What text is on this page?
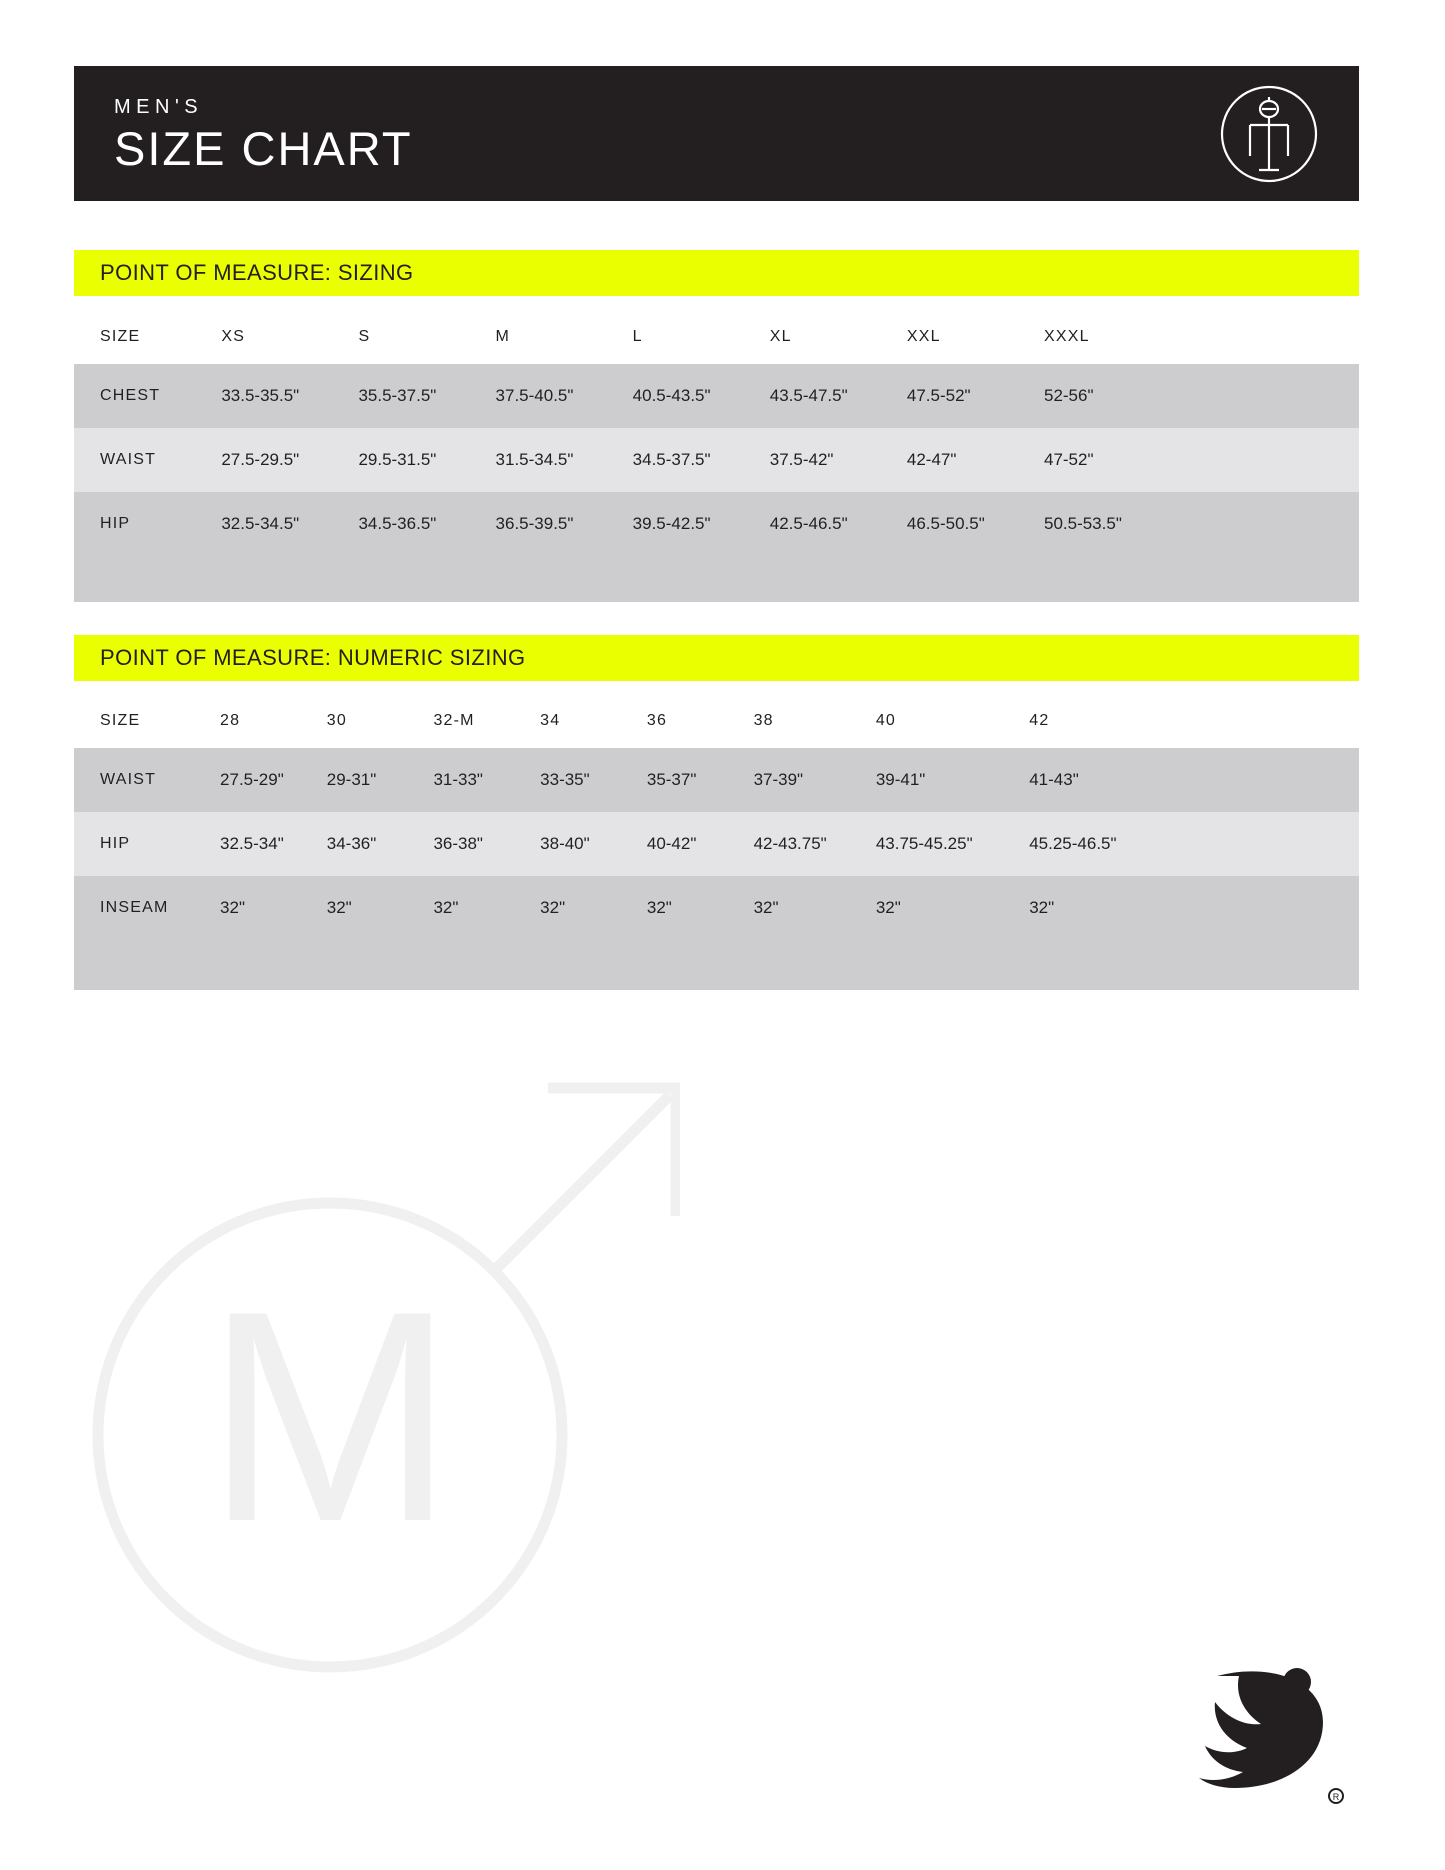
MEN'S
SIZE CHART
POINT OF MEASURE: SIZING
SIZE	XS	S	M	L	XL	XXL	XXXL
CHEST	33.5-35.5"	35.5-37.5"	37.5-40.5"	40.5-43.5"	43.5-47.5"	47.5-52"	52-56"
WAIST	27.5-29.5"	29.5-31.5"	31.5-34.5"	34.5-37.5"	37.5-42"	42-47"	47-52"
HIP	32.5-34.5"	34.5-36.5"	36.5-39.5"	39.5-42.5"	42.5-46.5"	46.5-50.5"	50.5-53.5"

POINT OF MEASURE: NUMERIC SIZING
SIZE	28	30	32-M	34	36	38	40	42
WAIST	27.5-29"	29-31"	31-33"	33-35"	35-37"	37-39"	39-41"	41-43"
HIP	32.5-34"	34-36"	36-38"	38-40"	40-42"	42-43.75"	43.75-45.25"	45.25-46.5"
INSEAM	32"	32"	32"	32"	32"	32"	32"	32"

M
R
